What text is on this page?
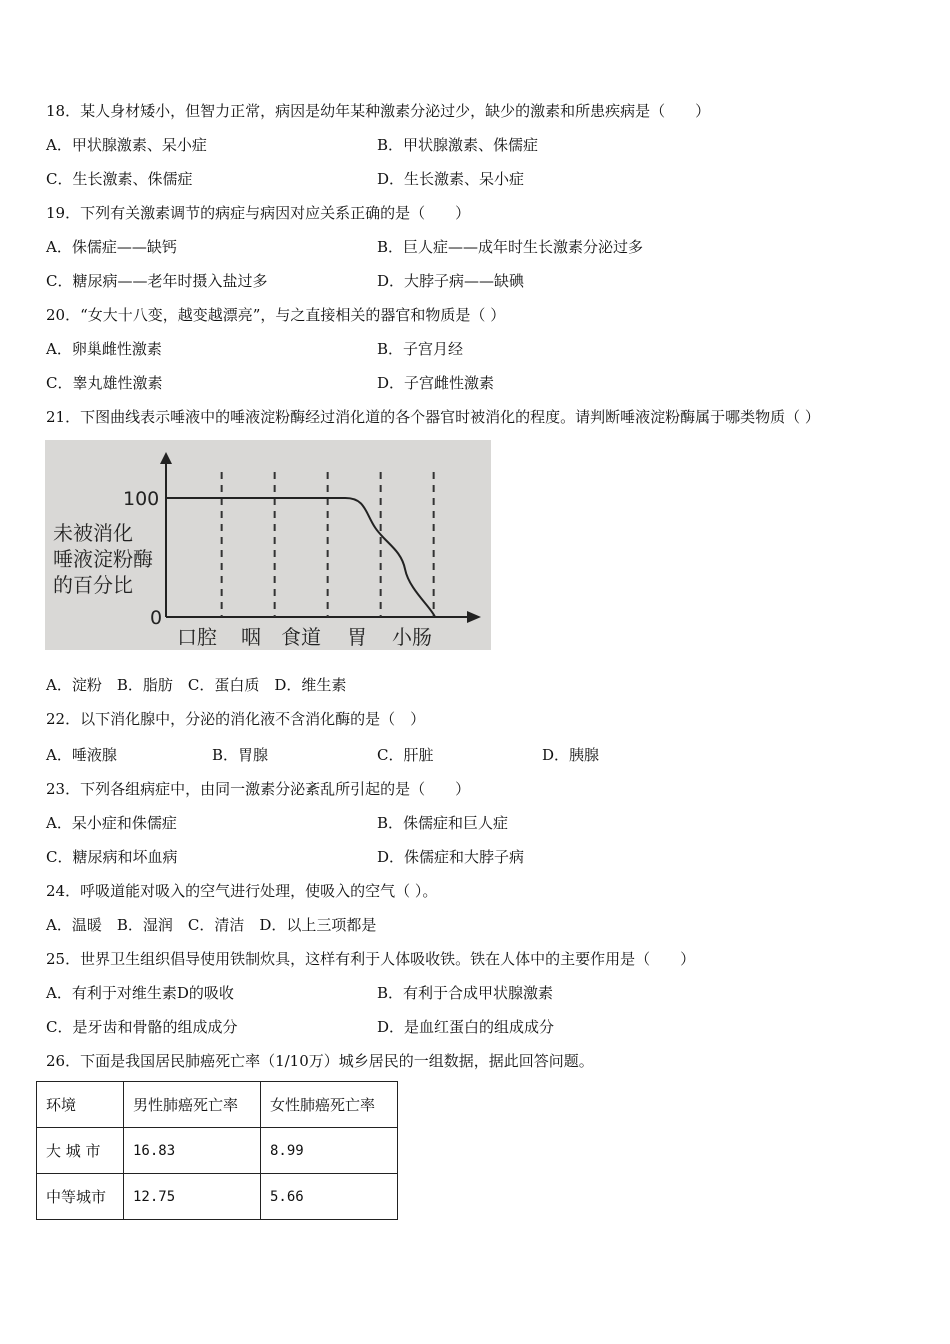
18．某人身材矮小，但智力正常，病因是幼年某种激素分泌过少，缺少的激素和所患疾病是（　　）
A．甲状腺激素、呆小症	B．甲状腺激素、侏儒症
C．生长激素、侏儒症	D．生长激素、呆小症
19．下列有关激素调节的病症与病因对应关系正确的是（　　）
A．侏儒症——缺钙	B．巨人症——成年时生长激素分泌过多
C．糖尿病——老年时摄入盐过多	D．大脖子病——缺碘
20．“女大十八变，越变越漂亮”，与之直接相关的器官和物质是（ ）
A．卵巢雌性激素	B．子宫月经
C．睾丸雄性激素	D．子宫雌性激素
21．下图曲线表示唾液中的唾液淀粉酶经过消化道的各个器官时被消化的程度。请判断唾液淀粉酶属于哪类物质（ ）
未被消化
唾液淀粉酶
的百分比
100
0
口腔 咽 食道 胃 小肠
A．淀粉　B．脂肪　C．蛋白质　D．维生素
22．以下消化腺中，分泌的消化液不含消化酶的是（　）
A．唾液腺	B．胃腺	C．肝脏	D．胰腺
23．下列各组病症中，由同一激素分泌紊乱所引起的是（　　）
A．呆小症和侏儒症	B．侏儒症和巨人症
C．糖尿病和坏血病	D．侏儒症和大脖子病
24．呼吸道能对吸入的空气进行处理，使吸入的空气（ ）。
A．温暖　B．湿润　C．清洁　D．以上三项都是
25．世界卫生组织倡导使用铁制炊具，这样有利于人体吸收铁。铁在人体中的主要作用是（　　）
A．有利于对维生素D的吸收	B．有利于合成甲状腺激素
C．是牙齿和骨骼的组成成分	D．是血红蛋白的组成成分
26．下面是我国居民肺癌死亡率（1/10万）城乡居民的一组数据，据此回答问题。
环境	男性肺癌死亡率	女性肺癌死亡率
大 城 市	16.83	8.99
中等城市	12.75	5.66
